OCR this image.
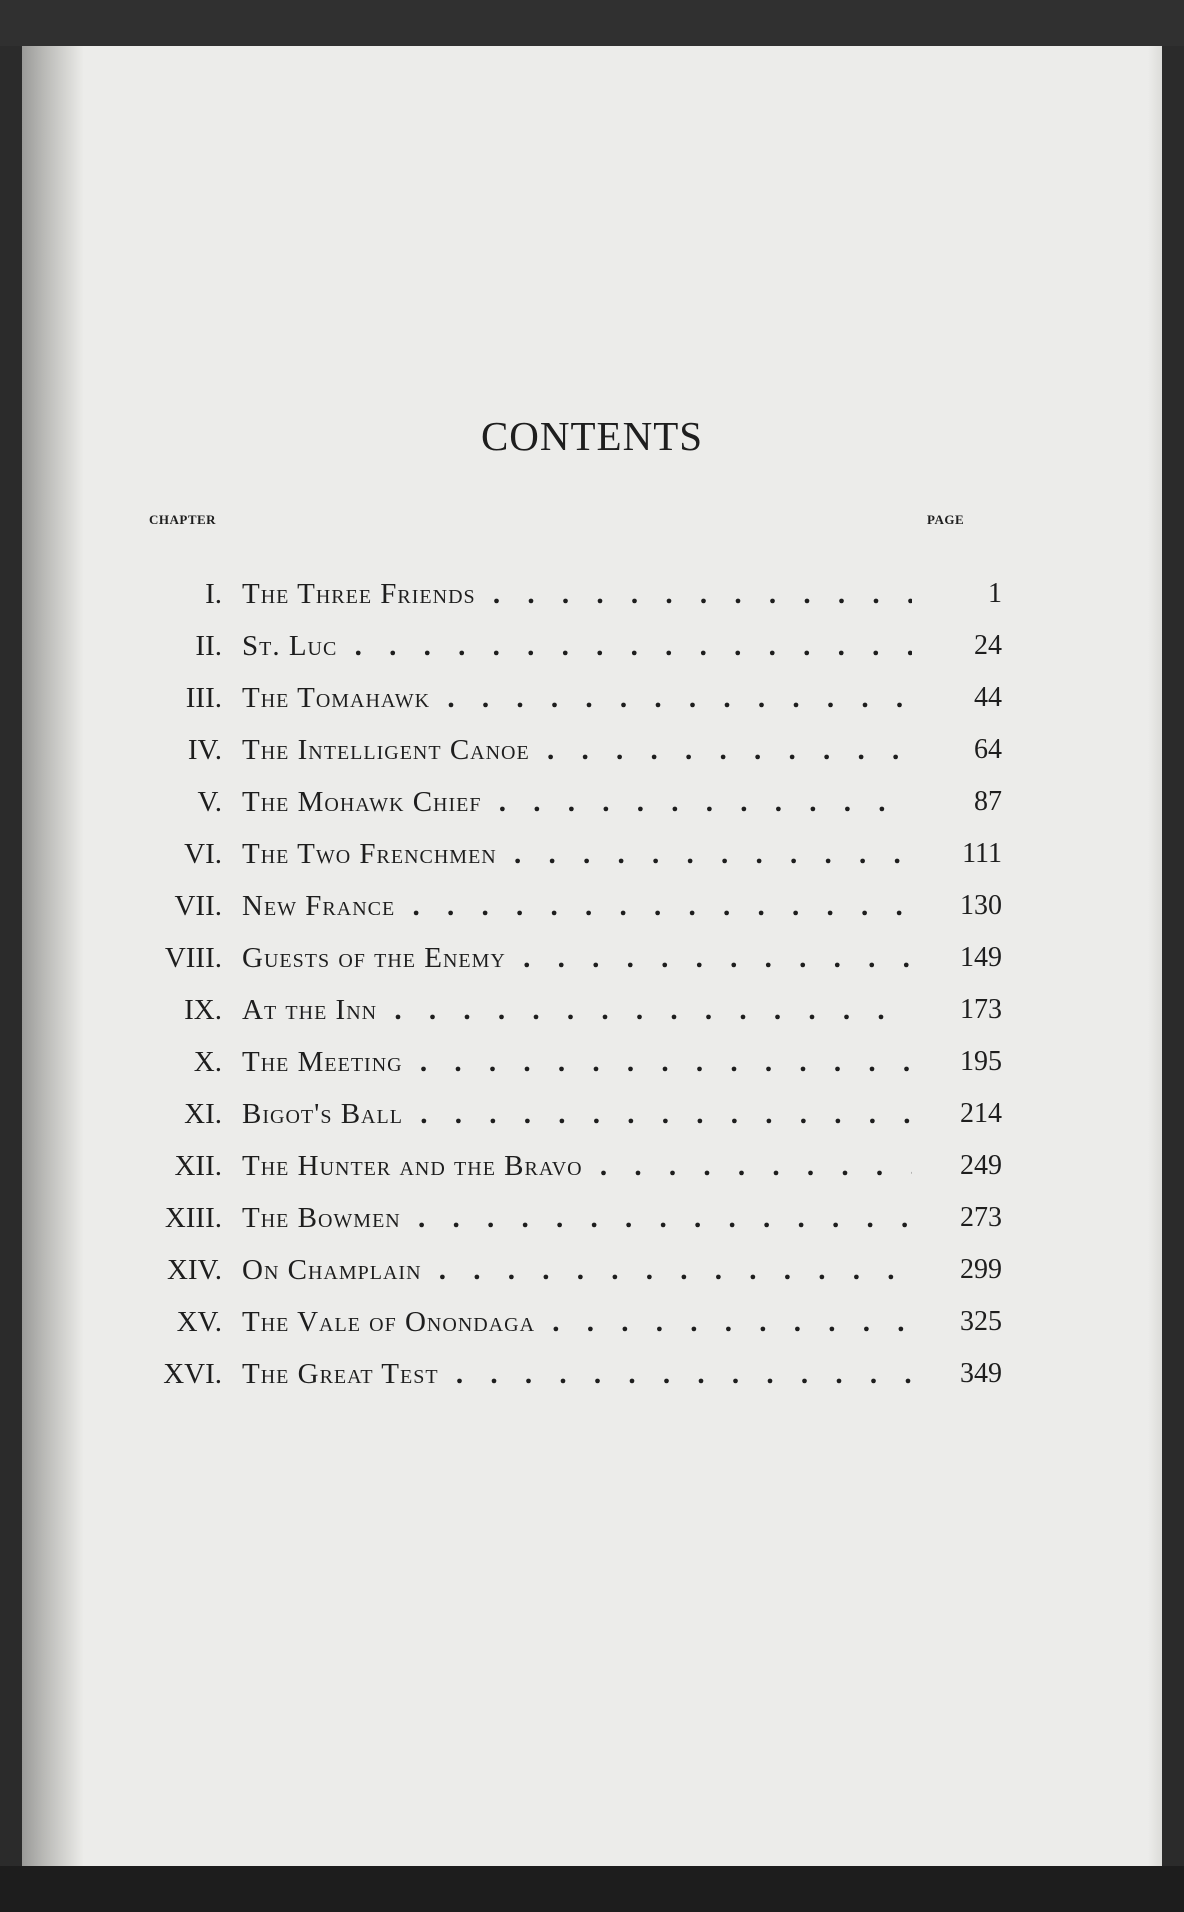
CONTENTS
CHAPTER	PAGE
I. The Three Friends . .	1
II. St. Luc . .	24
III. The Tomahawk . .	44
IV. The Intelligent Canoe . .	64
V. The Mohawk Chief . .	87
VI. The Two Frenchmen . .	111
VII. New France . .	130
VIII. Guests of the Enemy . .	149
IX. At the Inn . .	173
X. The Meeting . .	195
XI. Bigot's Ball . .	214
XII. The Hunter and the Bravo . .	249
XIII. The Bowmen . .	273
XIV. On Champlain . .	299
XV. The Vale of Onondaga . .	325
XVI. The Great Test . .	349
